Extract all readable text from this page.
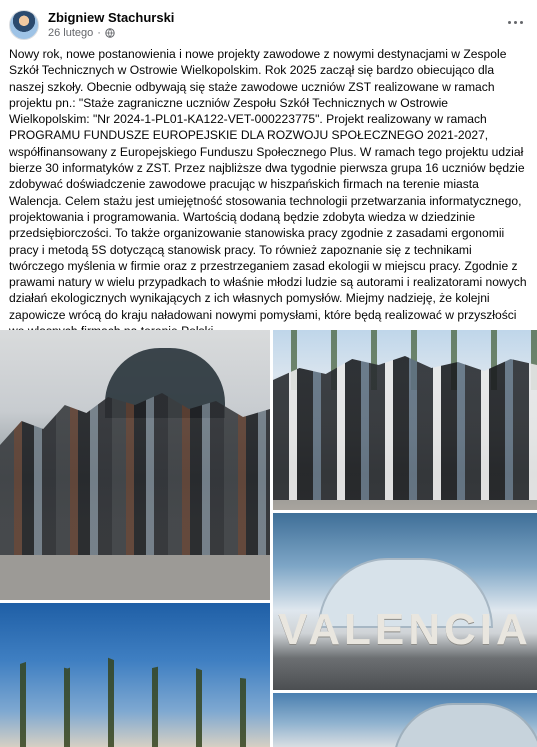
Zbigniew Stachurski
26 lutego ·
Nowy rok, nowe postanowienia i nowe projekty zawodowe z nowymi destynacjami w Zespole Szkół Technicznych w Ostrowie Wielkopolskim. Rok 2025 zaczął się bardzo obiecująco dla naszej szkoły. Obecnie odbywają się staże zawodowe uczniów ZST realizowane w ramach projektu pn.: "Staże zagraniczne uczniów Zespołu Szkół Technicznych w Ostrowie Wielkopolskim: "Nr 2024-1-PL01-KA122-VET-000223775". Projekt realizowany w ramach PROGRAMU FUNDUSZE EUROPEJSKIE DLA ROZWOJU SPOŁECZNEGO 2021-2027, współfinansowany z Europejskiego Funduszu Społecznego Plus. W ramach tego projektu udział bierze 30 informatyków z ZST. Przez najbliższe dwa tygodnie pierwsza grupa 16 uczniów będzie zdobywać doświadczenie zawodowe pracując w hiszpańskich firmach na terenie miasta Walencja. Celem stażu jest umiejętność stosowania technologii przetwarzania informatycznego, projektowania i programowania. Wartością dodaną będzie zdobyta wiedza w dziedzinie przedsiębiorczości. To także organizowanie stanowiska pracy zgodnie z zasadami ergonomii pracy i metodą 5S dotyczącą stanowisk pracy. To również zapoznanie się z technikami twórczego myślenia w firmie oraz z przestrzeganiem zasad ekologii w miejscu pracy. Zgodnie z prawami natury w wielu przypadkach to właśnie młodzi ludzie są autorami i realizatorami nowych działań ekologicznych wynikających z ich własnych pomysłów. Miejmy nadzieję, że kolejni zapowicze wrócą do kraju naładowani nowymi pomysłami, które będą realizować w przyszłości
VALENCIA
